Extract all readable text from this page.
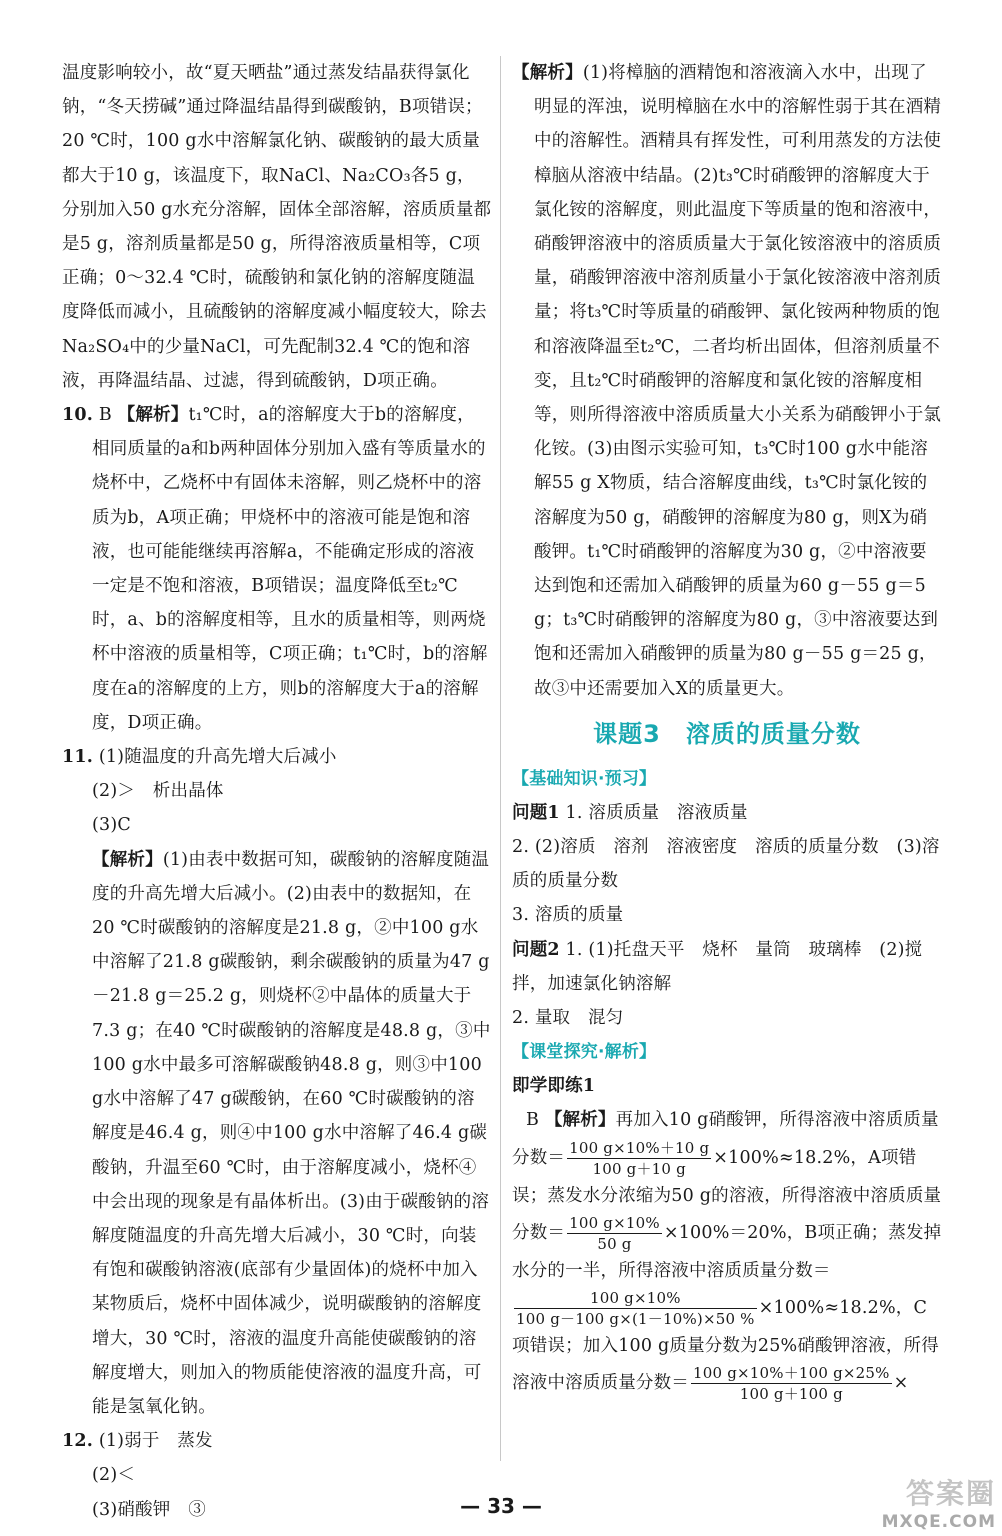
温度影响较小，故“夏天晒盐”通过蒸发结晶获得氯化钠，“冬天捞碱”通过降温结晶得到碳酸钠，B项错误；20 ℃时，100 g水中溶解氯化钠、碳酸钠的最大质量都大于10 g，该温度下，取NaCl、Na₂CO₃各5 g，分别加入50 g水充分溶解，固体全部溶解，溶质质量都是5 g，溶剂质量都是50 g，所得溶液质量相等，C项正确；0～32.4 ℃时，硫酸钠和氯化钠的溶解度随温度降低而减小，且硫酸钠的溶解度减小幅度较大，除去Na₂SO₄中的少量NaCl，可先配制32.4 ℃的饱和溶液，再降温结晶、过滤，得到硫酸钠，D项正确。

10. B 【解析】t₁℃时，a的溶解度大于b的溶解度，相同质量的a和b两种固体分别加入盛有等质量水的烧杯中，乙烧杯中有固体未溶解，则乙烧杯中的溶质为b，A项正确；甲烧杯中的溶液可能是饱和溶液，也可能能继续再溶解a，不能确定形成的溶液一定是不饱和溶液，B项错误；温度降低至t₂℃时，a、b的溶解度相等，且水的质量相等，则两烧杯中溶液的质量相等，C项正确；t₁℃时，b的溶解度在a的溶解度的上方，则b的溶解度大于a的溶解度，D项正确。

11. (1)随温度的升高先增大后减小

(2)＞　析出晶体

(3)C

【解析】(1)由表中数据可知，碳酸钠的溶解度随温度的升高先增大后减小。(2)由表中的数据知，在20 ℃时碳酸钠的溶解度是21.8 g，②中100 g水中溶解了21.8 g碳酸钠，剩余碳酸钠的质量为47 g－21.8 g＝25.2 g，则烧杯②中晶体的质量大于7.3 g；在40 ℃时碳酸钠的溶解度是48.8 g，③中100 g水中最多可溶解碳酸钠48.8 g，则③中100 g水中溶解了47 g碳酸钠，在60 ℃时碳酸钠的溶解度是46.4 g，则④中100 g水中溶解了46.4 g碳酸钠，升温至60 ℃时，由于溶解度减小，烧杯④中会出现的现象是有晶体析出。(3)由于碳酸钠的溶解度随温度的升高先增大后减小，30 ℃时，向装有饱和碳酸钠溶液(底部有少量固体)的烧杯中加入某物质后，烧杯中固体减少，说明碳酸钠的溶解度增大，30 ℃时，溶液的温度升高能使碳酸钠的溶解度增大，则加入的物质能使溶液的温度升高，可能是氢氧化钠。

12. (1)弱于　蒸发

(2)＜

(3)硝酸钾　③

【解析】(1)将樟脑的酒精饱和溶液滴入水中，出现了明显的浑浊，说明樟脑在水中的溶解性弱于其在酒精中的溶解性。酒精具有挥发性，可利用蒸发的方法使樟脑从溶液中结晶。(2)t₃℃时硝酸钾的溶解度大于氯化铵的溶解度，则此温度下等质量的饱和溶液中，硝酸钾溶液中的溶质质量大于氯化铵溶液中的溶质质量，硝酸钾溶液中溶剂质量小于氯化铵溶液中溶剂质量；将t₃℃时等质量的硝酸钾、氯化铵两种物质的饱和溶液降温至t₂℃，二者均析出固体，但溶剂质量不变，且t₂℃时硝酸钾的溶解度和氯化铵的溶解度相等，则所得溶液中溶质质量大小关系为硝酸钾小于氯化铵。(3)由图示实验可知，t₃℃时100 g水中能溶解55 g X物质，结合溶解度曲线，t₃℃时氯化铵的溶解度为50 g，硝酸钾的溶解度为80 g，则X为硝酸钾。t₁℃时硝酸钾的溶解度为30 g，②中溶液要达到饱和还需加入硝酸钾的质量为60 g－55 g＝5 g；t₃℃时硝酸钾的溶解度为80 g，③中溶液要达到饱和还需加入硝酸钾的质量为80 g－55 g＝25 g，故③中还需要加入X的质量更大。

课题3　溶质的质量分数

【基础知识·预习】

问题1 1. 溶质质量　溶液质量

2. (2)溶质　溶剂　溶液密度　溶质的质量分数　(3)溶质的质量分数

3. 溶质的质量

问题2 1. (1)托盘天平　烧杯　量筒　玻璃棒　(2)搅拌，加速氯化钠溶解

2. 量取　混匀

【课堂探究·解析】

即学即练1

B 【解析】再加入10 g硝酸钾，所得溶液中溶质质量分数＝ $\frac{100 g\times 10\%+10 g}{100 g+10 g} \times 100\%\approx 18.2\%$，A项错误；蒸发水分浓缩为50 g的溶液，所得溶液中溶质质量分数＝ $\frac{100 g\times 10\%}{50 g} \times 100\%=20\%$，B项正确；蒸发掉水分的一半，所得溶液中溶质质量分数＝
$\frac{100 g\times 10\%}{100 g-100 g\times(1-10\%)\times 50 \%} \times 100\%\approx 18.2\%$，C项错误；加入100 g质量分数为25%硝酸钾溶液，所得溶液中溶质质量分数＝ $\frac{100 g\times 10\%+100 g\times 25\%}{100 g+100 g}$ ×

— 33 —	答案圈
MXQE.COM
